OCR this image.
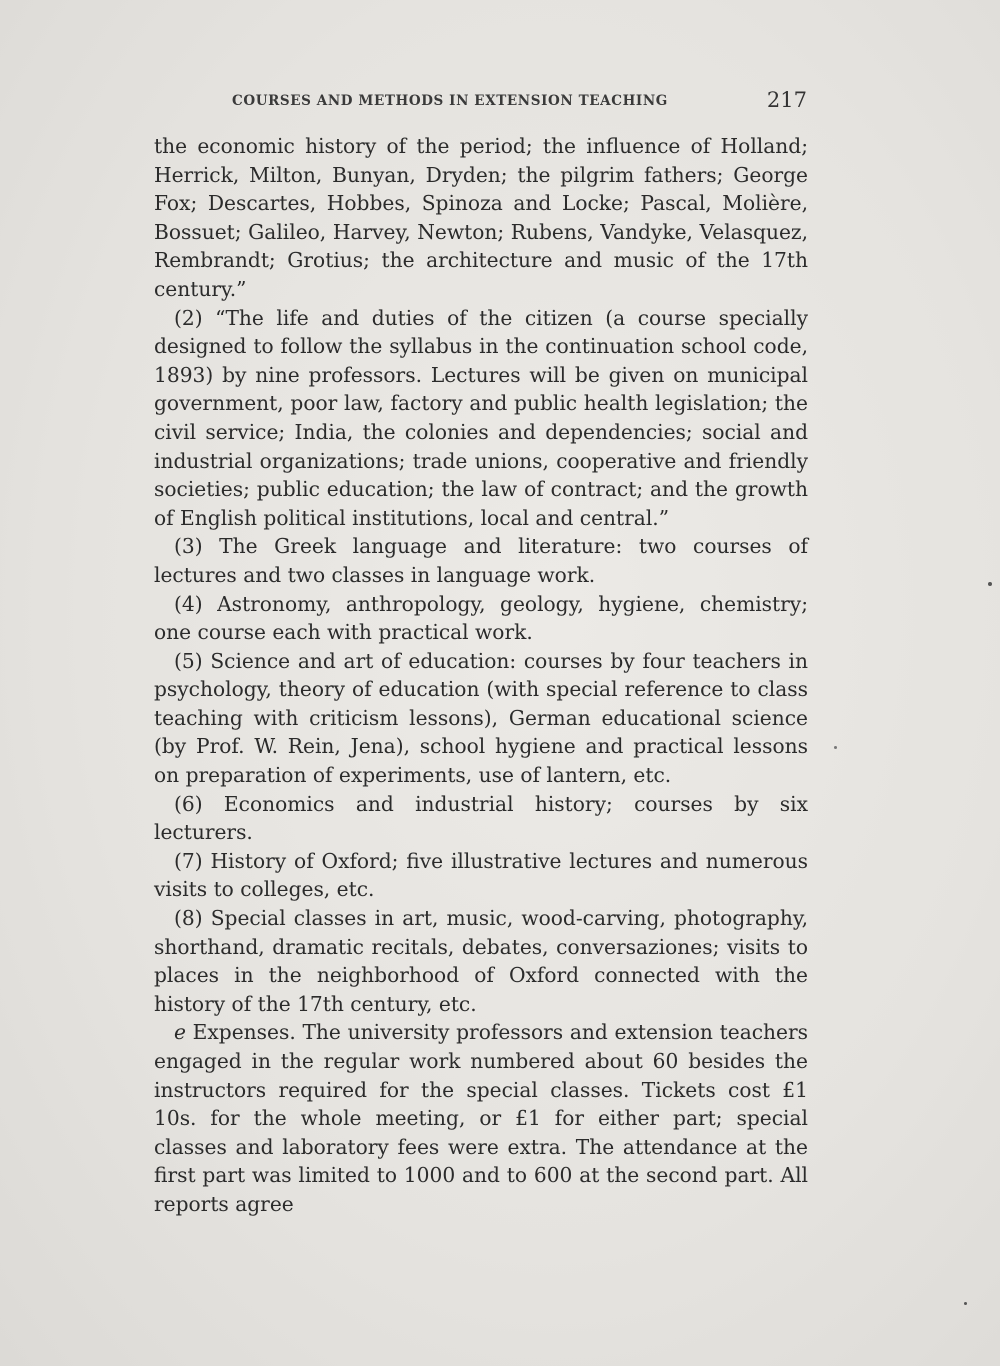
COURSES AND METHODS IN EXTENSION TEACHING	217

the economic history of the period; the influence of Holland; Herrick, Milton, Bunyan, Dryden; the pilgrim fathers; George Fox; Descartes, Hobbes, Spinoza and Locke; Pascal, Molière, Bossuet; Galileo, Harvey, Newton; Rubens, Vandyke, Velasquez, Rembrandt; Grotius; the architecture and music of the 17th century.”

(2) “The life and duties of the citizen (a course specially designed to follow the syllabus in the continuation school code, 1893) by nine professors. Lectures will be given on municipal government, poor law, factory and public health legislation; the civil service; India, the colonies and dependencies; social and industrial organizations; trade unions, cooperative and friendly societies; public education; the law of contract; and the growth of English political institutions, local and central.”

(3) The Greek language and literature: two courses of lectures and two classes in language work.

(4) Astronomy, anthropology, geology, hygiene, chemistry; one course each with practical work.

(5) Science and art of education: courses by four teachers in psychology, theory of education (with special reference to class teaching with criticism lessons), German educational science (by Prof. W. Rein, Jena), school hygiene and practical lessons on preparation of experiments, use of lantern, etc.

(6) Economics and industrial history; courses by six lecturers.

(7) History of Oxford; five illustrative lectures and numerous visits to colleges, etc.

(8) Special classes in art, music, wood-carving, photography, shorthand, dramatic recitals, debates, conversaziones; visits to places in the neighborhood of Oxford connected with the history of the 17th century, etc.

e Expenses. The university professors and extension teachers engaged in the regular work numbered about 60 besides the instructors required for the special classes. Tickets cost £1 10s. for the whole meeting, or £1 for either part; special classes and laboratory fees were extra. The attendance at the first part was limited to 1000 and to 600 at the second part. All reports agree
